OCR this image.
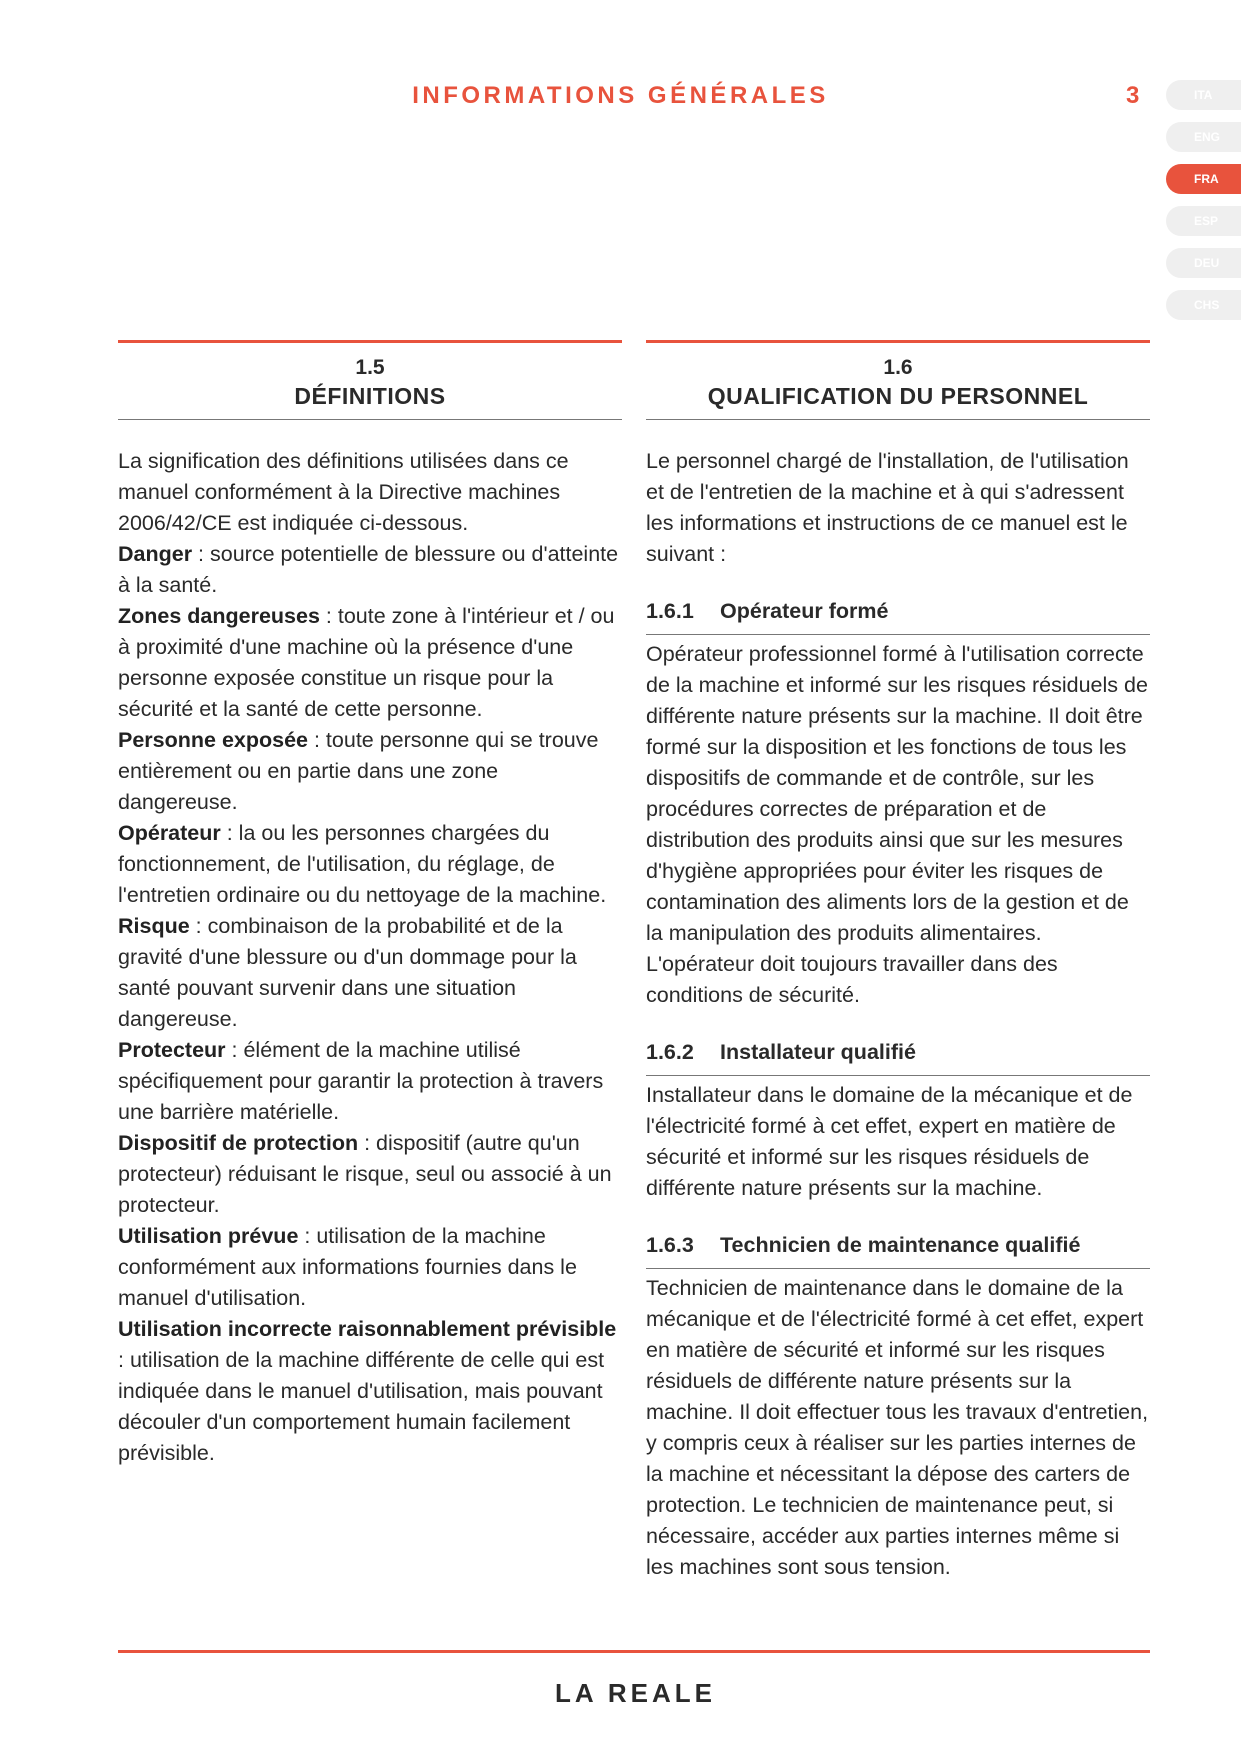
INFORMATIONS GÉNÉRALES	3	ITA
ENG
FRA
ESP
DEU
CHS
1.5
DÉFINITIONS

La signification des définitions utilisées dans ce manuel conformément à la Directive machines 2006/42/CE est indiquée ci-dessous.

Danger : source potentielle de blessure ou d'atteinte à la santé.

Zones dangereuses : toute zone à l'intérieur et / ou à proximité d'une machine où la présence d'une personne exposée constitue un risque pour la sécurité et la santé de cette personne.

Personne exposée : toute personne qui se trouve entièrement ou en partie dans une zone dangereuse.

Opérateur : la ou les personnes chargées du fonctionnement, de l'utilisation, du réglage, de l'entretien ordinaire ou du nettoyage de la machine.

Risque : combinaison de la probabilité et de la gravité d'une blessure ou d'un dommage pour la santé pouvant survenir dans une situation dangereuse.

Protecteur : élément de la machine utilisé spécifiquement pour garantir la protection à travers une barrière matérielle.

Dispositif de protection : dispositif (autre qu'un protecteur) réduisant le risque, seul ou associé à un protecteur.

Utilisation prévue : utilisation de la machine conformément aux informations fournies dans le manuel d'utilisation.

Utilisation incorrecte raisonnablement prévisible : utilisation de la machine différente de celle qui est indiquée dans le manuel d'utilisation, mais pouvant découler d'un comportement humain facilement prévisible.

1.6
QUALIFICATION DU PERSONNEL

Le personnel chargé de l'installation, de l'utilisation et de l'entretien de la machine et à qui s'adressent les informations et instructions de ce manuel est le suivant :

1.6.1 Opérateur formé
Opérateur professionnel formé à l'utilisation correcte de la machine et informé sur les risques résiduels de différente nature présents sur la machine. Il doit être formé sur la disposition et les fonctions de tous les dispositifs de commande et de contrôle, sur les procédures correctes de préparation et de distribution des produits ainsi que sur les mesures d'hygiène appropriées pour éviter les risques de contamination des aliments lors de la gestion et de la manipulation des produits alimentaires. L'opérateur doit toujours travailler dans des conditions de sécurité.
1.6.2 Installateur qualifié
Installateur dans le domaine de la mécanique et de l'électricité formé à cet effet, expert en matière de sécurité et informé sur les risques résiduels de différente nature présents sur la machine.
1.6.3 Technicien de maintenance qualifié
Technicien de maintenance dans le domaine de la mécanique et de l'électricité formé à cet effet, expert en matière de sécurité et informé sur les risques résiduels de différente nature présents sur la machine. Il doit effectuer tous les travaux d'entretien, y compris ceux à réaliser sur les parties internes de la machine et nécessitant la dépose des carters de protection. Le technicien de maintenance peut, si nécessaire, accéder aux parties internes même si les machines sont sous tension.
LA REALE
